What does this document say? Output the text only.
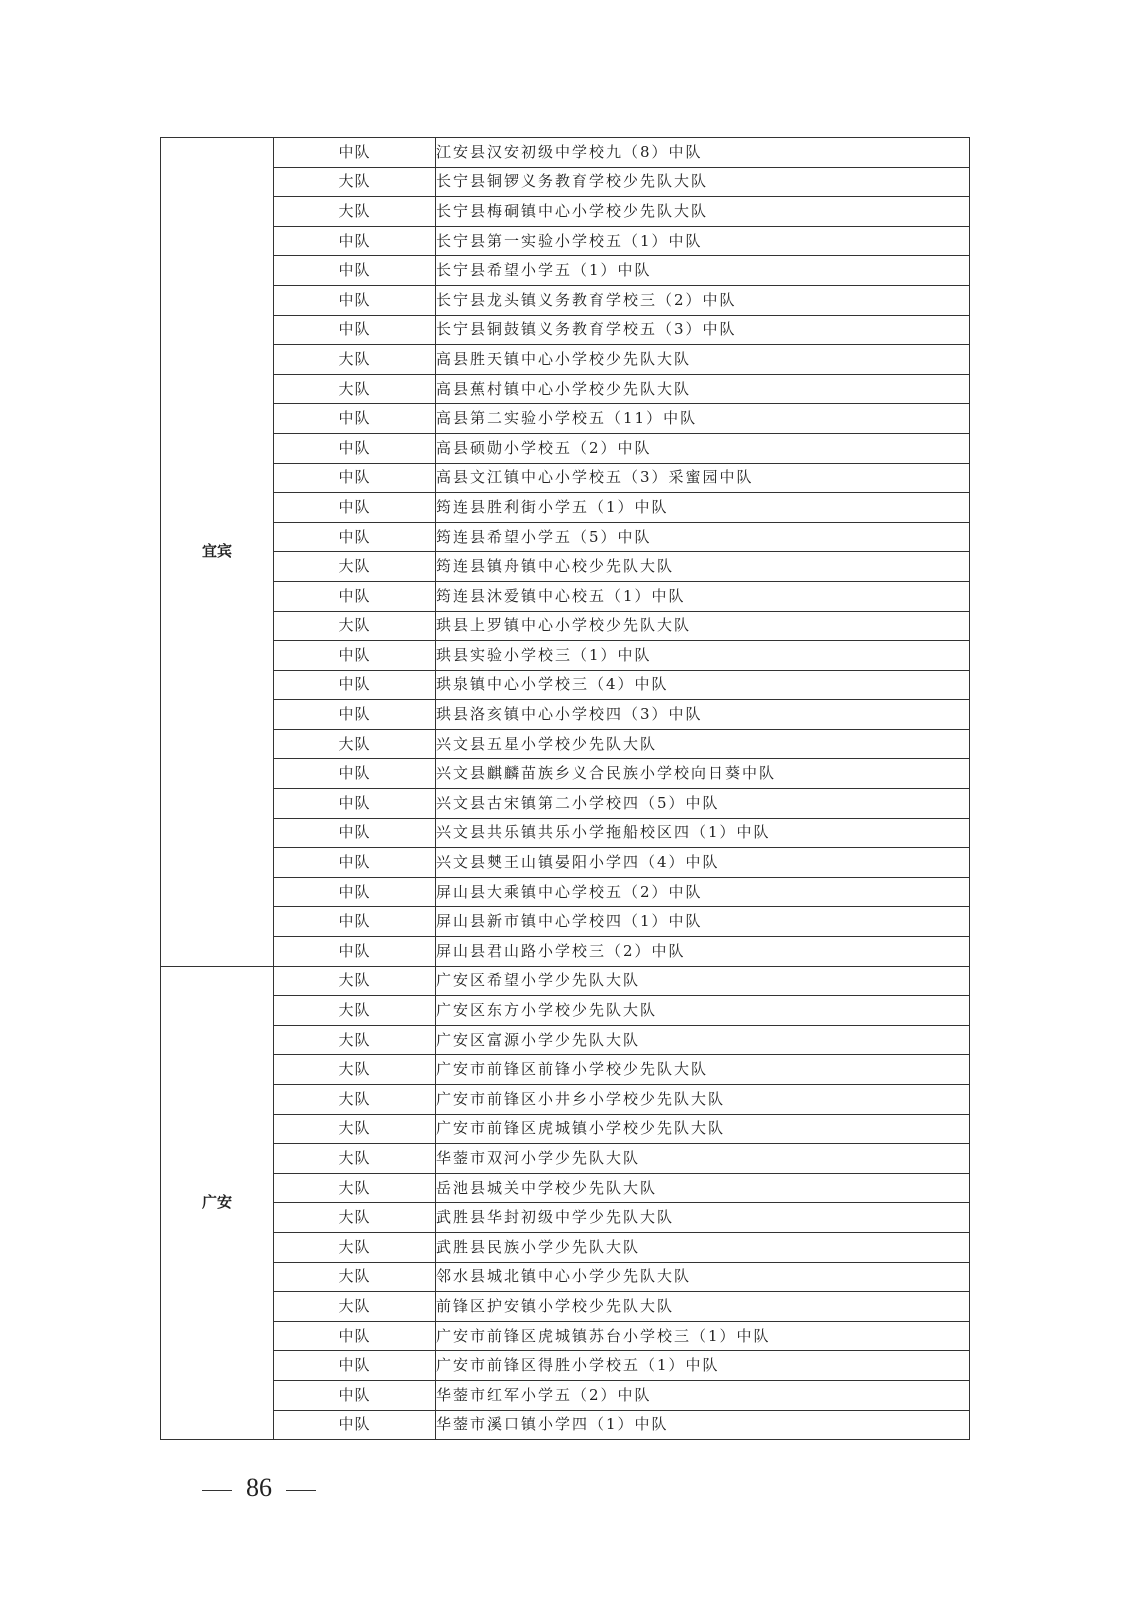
宜宾	中队	江安县汉安初级中学校九（8）中队
	大队	长宁县铜锣义务教育学校少先队大队
	大队	长宁县梅硐镇中心小学校少先队大队
	中队	长宁县第一实验小学校五（1）中队
	中队	长宁县希望小学五（1）中队
	中队	长宁县龙头镇义务教育学校三（2）中队
	中队	长宁县铜鼓镇义务教育学校五（3）中队
	大队	高县胜天镇中心小学校少先队大队
	大队	高县蕉村镇中心小学校少先队大队
	中队	高县第二实验小学校五（11）中队
	中队	高县硕勋小学校五（2）中队
	中队	高县文江镇中心小学校五（3）采蜜园中队
	中队	筠连县胜利街小学五（1）中队
	中队	筠连县希望小学五（5）中队
	大队	筠连县镇舟镇中心校少先队大队
	中队	筠连县沐爱镇中心校五（1）中队
	大队	珙县上罗镇中心小学校少先队大队
	中队	珙县实验小学校三（1）中队
	中队	珙泉镇中心小学校三（4）中队
	中队	珙县洛亥镇中心小学校四（3）中队
	大队	兴文县五星小学校少先队大队
	中队	兴文县麒麟苗族乡义合民族小学校向日葵中队
	中队	兴文县古宋镇第二小学校四（5）中队
	中队	兴文县共乐镇共乐小学拖船校区四（1）中队
	中队	兴文县僰王山镇晏阳小学四（4）中队
	中队	屏山县大乘镇中心学校五（2）中队
	中队	屏山县新市镇中心学校四（1）中队
	中队	屏山县君山路小学校三（2）中队
广安	大队	广安区希望小学少先队大队
	大队	广安区东方小学校少先队大队
	大队	广安区富源小学少先队大队
	大队	广安市前锋区前锋小学校少先队大队
	大队	广安市前锋区小井乡小学校少先队大队
	大队	广安市前锋区虎城镇小学校少先队大队
	大队	华蓥市双河小学少先队大队
	大队	岳池县城关中学校少先队大队
	大队	武胜县华封初级中学少先队大队
	大队	武胜县民族小学少先队大队
	大队	邻水县城北镇中心小学少先队大队
	大队	前锋区护安镇小学校少先队大队
	中队	广安市前锋区虎城镇苏台小学校三（1）中队
	中队	广安市前锋区得胜小学校五（1）中队
	中队	华蓥市红军小学五（2）中队
	中队	华蓥市溪口镇小学四（1）中队
86
